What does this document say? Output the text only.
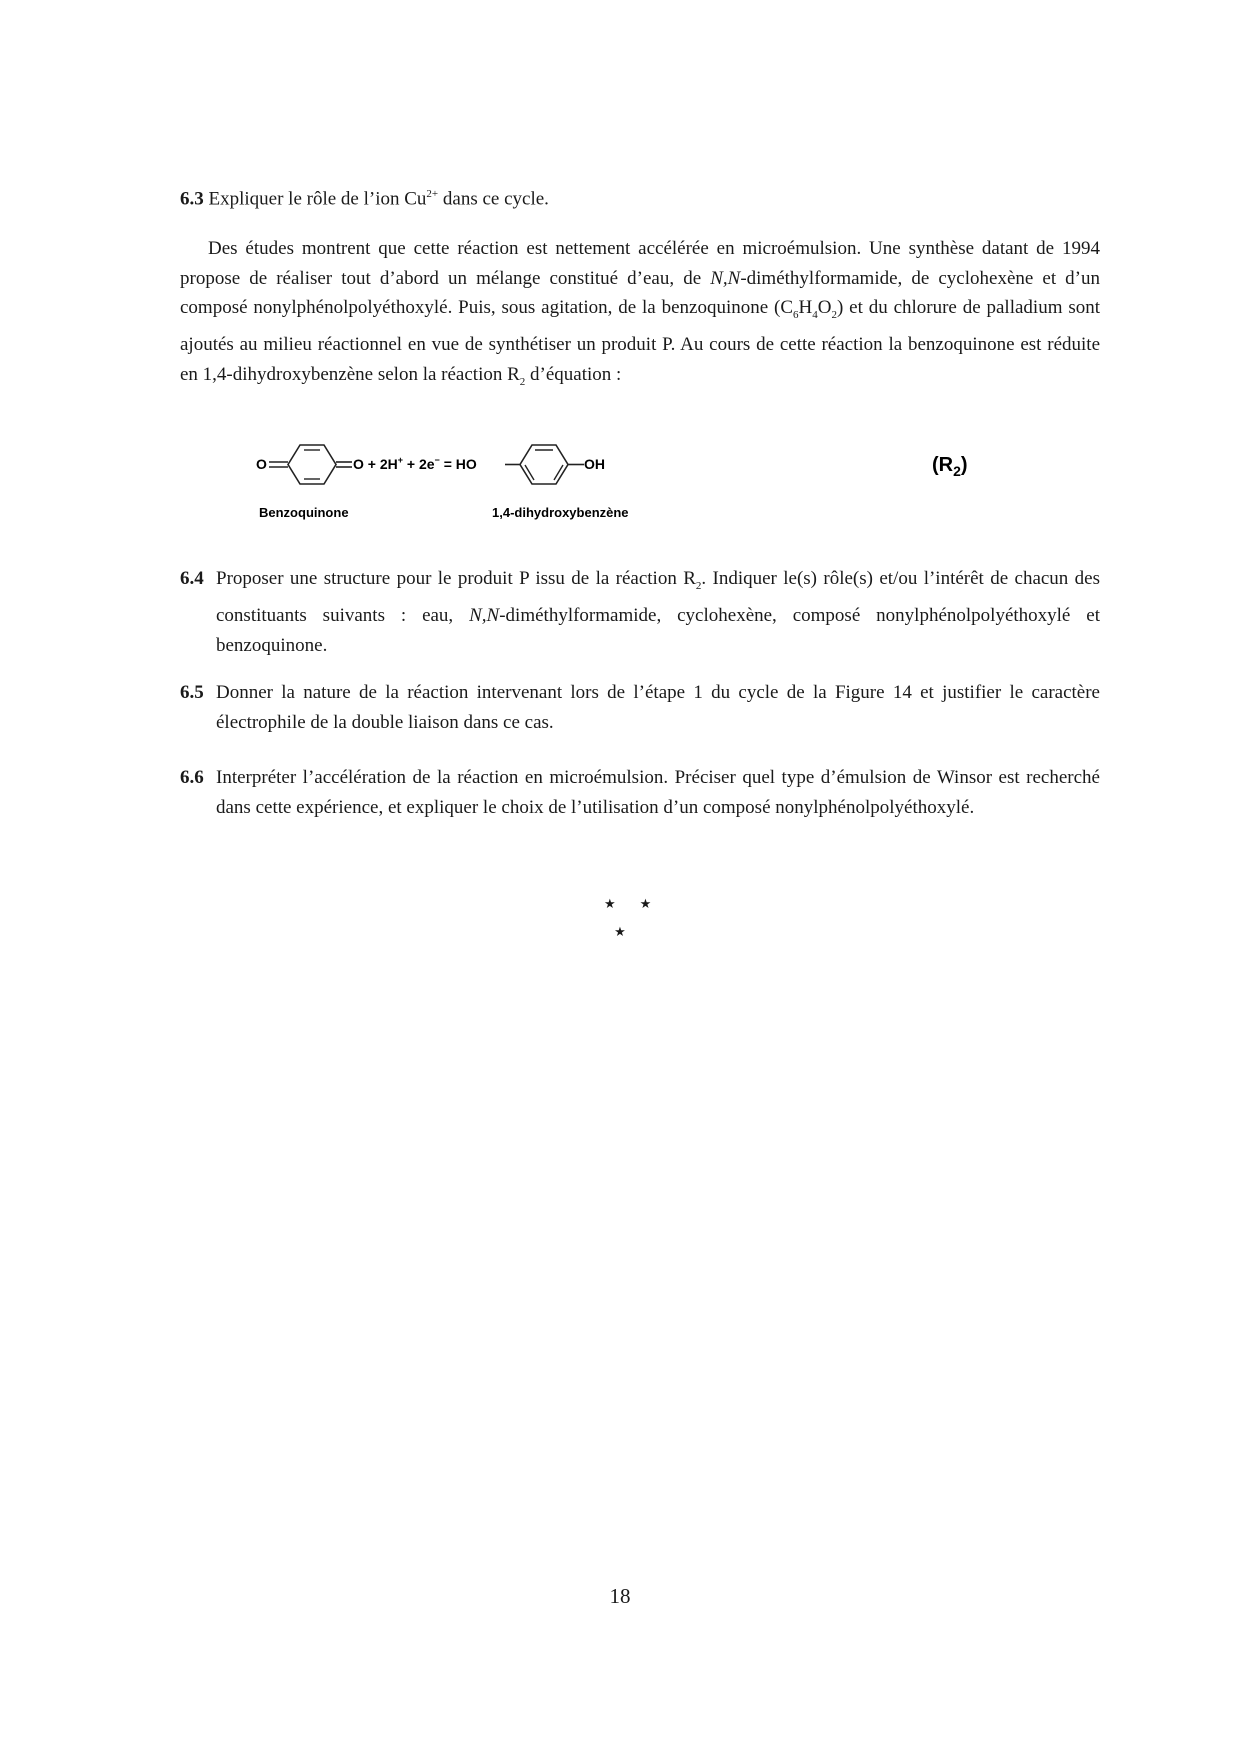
6.3 Expliquer le rôle de l’ion $Cu^{2+}$ dans ce cycle.

Des études montrent que cette réaction est nettement accélérée en microémulsion. Une synthèse datant de 1994 propose de réaliser tout d’abord un mélange constitué d’eau, de N,N-diméthylformamide, de cyclohexène et d’un composé nonylphénolpolyéthoxylé. Puis, sous agitation, de la benzoquinone $(C_6H_4O_2)$ et du chlorure de palladium sont ajoutés au milieu réactionnel en vue de synthétiser un produit P. Au cours de cette réaction la benzoquinone est réduite en 1,4-dihydroxybenzène selon la réaction $R_2$ d’équation :

O	O + 2H+ + 2e− = HO	OH	$(R_2)$
Benzoquinone	1,4-dihydroxybenzène
6.4 Proposer une structure pour le produit P issu de la réaction $R_2$. Indiquer le(s) rôle(s) et/ou l’intérêt de chacun des constituants suivants : eau, N,N-diméthylformamide, cyclohexène, composé nonylphénolpolyéthoxylé et benzoquinone.
6.5 Donner la nature de la réaction intervenant lors de l’étape 1 du cycle de la Figure 14 et justifier le caractère électrophile de la double liaison dans ce cas.
6.6 Interpréter l’accélération de la réaction en microémulsion. Préciser quel type d’émulsion de Winsor est recherché dans cette expérience, et expliquer le choix de l’utilisation d’un composé nonylphénolpolyéthoxylé.
★★
★
18
